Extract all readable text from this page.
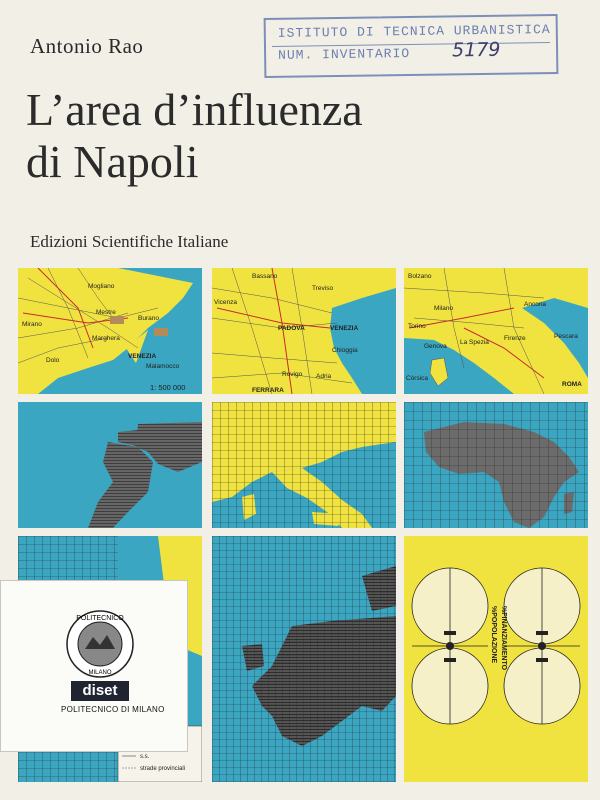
ISTITUTO DI TECNICA URBANISTICA
NUM. INVENTARIO 5179
Antonio Rao
L’area d’influenza
di Napoli
Edizioni Scientifiche Italiane
Mestre
Burano
VENEZIA
Mogliano
Mirano
Dolo
Marghera
Malamocco
1: 500 000
Bassano
Vicenza
Treviso
PADOVA	VENEZIA
Chioggia
Rovigo Adria
FERRARA
Bolzano
Milano
Torino
Genova
La Spezia
Firenze	Pescara
ROMA
Còrsica
Ancona
s.s.
strade provinciali
%POPOLAZIONE %FINANZIAMENTO
POLITECNICO
MILANO
diset
POLITECNICO DI MILANO
